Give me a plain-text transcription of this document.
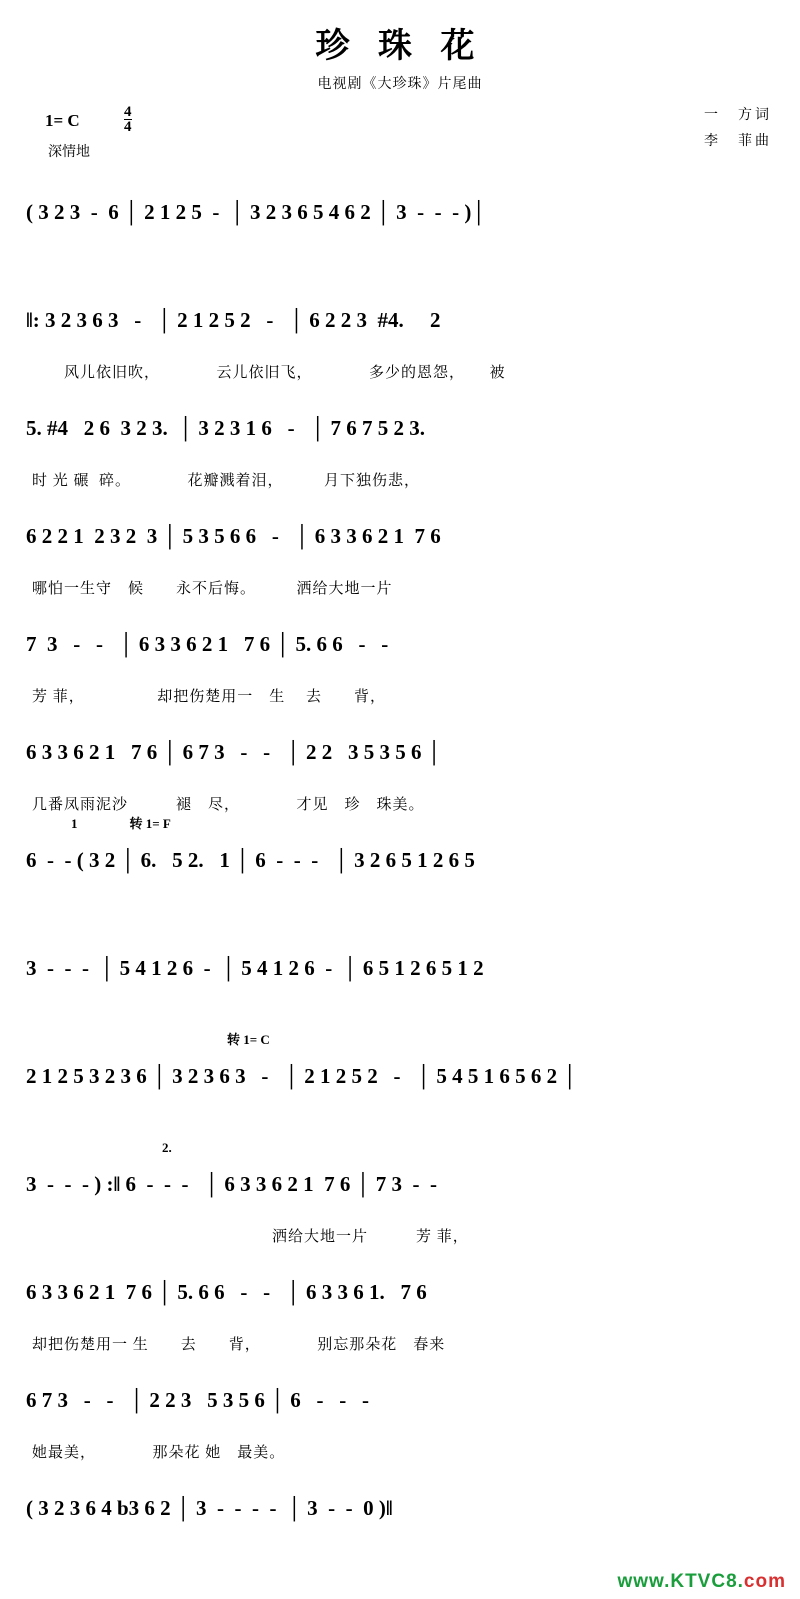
珍 珠 花
电视剧《大珍珠》片尾曲
1= C	$\frac{4}{4}$
深情地
一　方词
李　菲曲
( 3 2 3  -  6 │ 2 1 2 5  -  │ 3 2 3 6 5 4 6 2 │ 3  -  -  - )│
‖: 3 2 3 6 3   -   │ 2 1 2 5 2   -   │ 6 2 2 3  #4.     2
　　风儿依旧吹，　　　　云儿依旧飞，　　　　多少的恩怨，　　被
5. #4   2 6  3 2 3.  │ 3 2 3 1 6   -   │ 7 6 7 5 2 3.
时 光 碾  碎。　　　　花瓣溅着泪，　　　月下独伤悲，
6 2 2 1  2 3 2  3 │ 5 3 5 6 6   -   │ 6 3 3 6 2 1  7 6
哪怕一生守　候　　永不后悔。　　　洒给大地一片
7  3   -   -   │ 6 3 3 6 2 1   7 6 │ 5. 6 6   -   -
芳 菲，　　　　　却把伤楚用一　生　 去　　背，
6 3 3 6 2 1   7 6 │ 6 7 3   -   -   │ 2 2   3 5 3 5 6 │
几番凤雨泥沙　　　褪　尽，　　　　才见　珍　珠美。
　　　1                转 1= F
6  -  - ( 3 2 │ 6.   5 2.   1 │ 6  -  -  -   │ 3 2 6 5 1 2 6 5
3  -  -  -  │ 5 4 1 2 6  -  │ 5 4 1 2 6  -  │ 6 5 1 2 6 5 1 2
　　　　　　　　　　　　　　　转 1= C
2 1 2 5 3 2 3 6 │ 3 2 3 6 3   -   │ 2 1 2 5 2   -   │ 5 4 5 1 6 5 6 2 │
　　　　　　　　　　2.
3  -  -  - ) :‖ 6  -  -  -   │ 6 3 3 6 2 1  7 6 │ 7 3  -  -
　　　　　　　　　　　　　　　洒给大地一片　　　芳 菲，
6 3 3 6 2 1  7 6 │ 5. 6 6   -   -   │ 6 3 3 6 1.   7 6
却把伤楚用一 生　　去　　背，　　　　别忘那朵花　春来
6 7 3   -   -   │ 2 2 3   5 3 5 6 │ 6   -   -   -
她最美，　　　　那朵花 她　最美。
( 3 2 3 6 4 b3 6 2 │ 3  -  -  -  -  │ 3  -  -  0 )‖
www.KTVC8.com
